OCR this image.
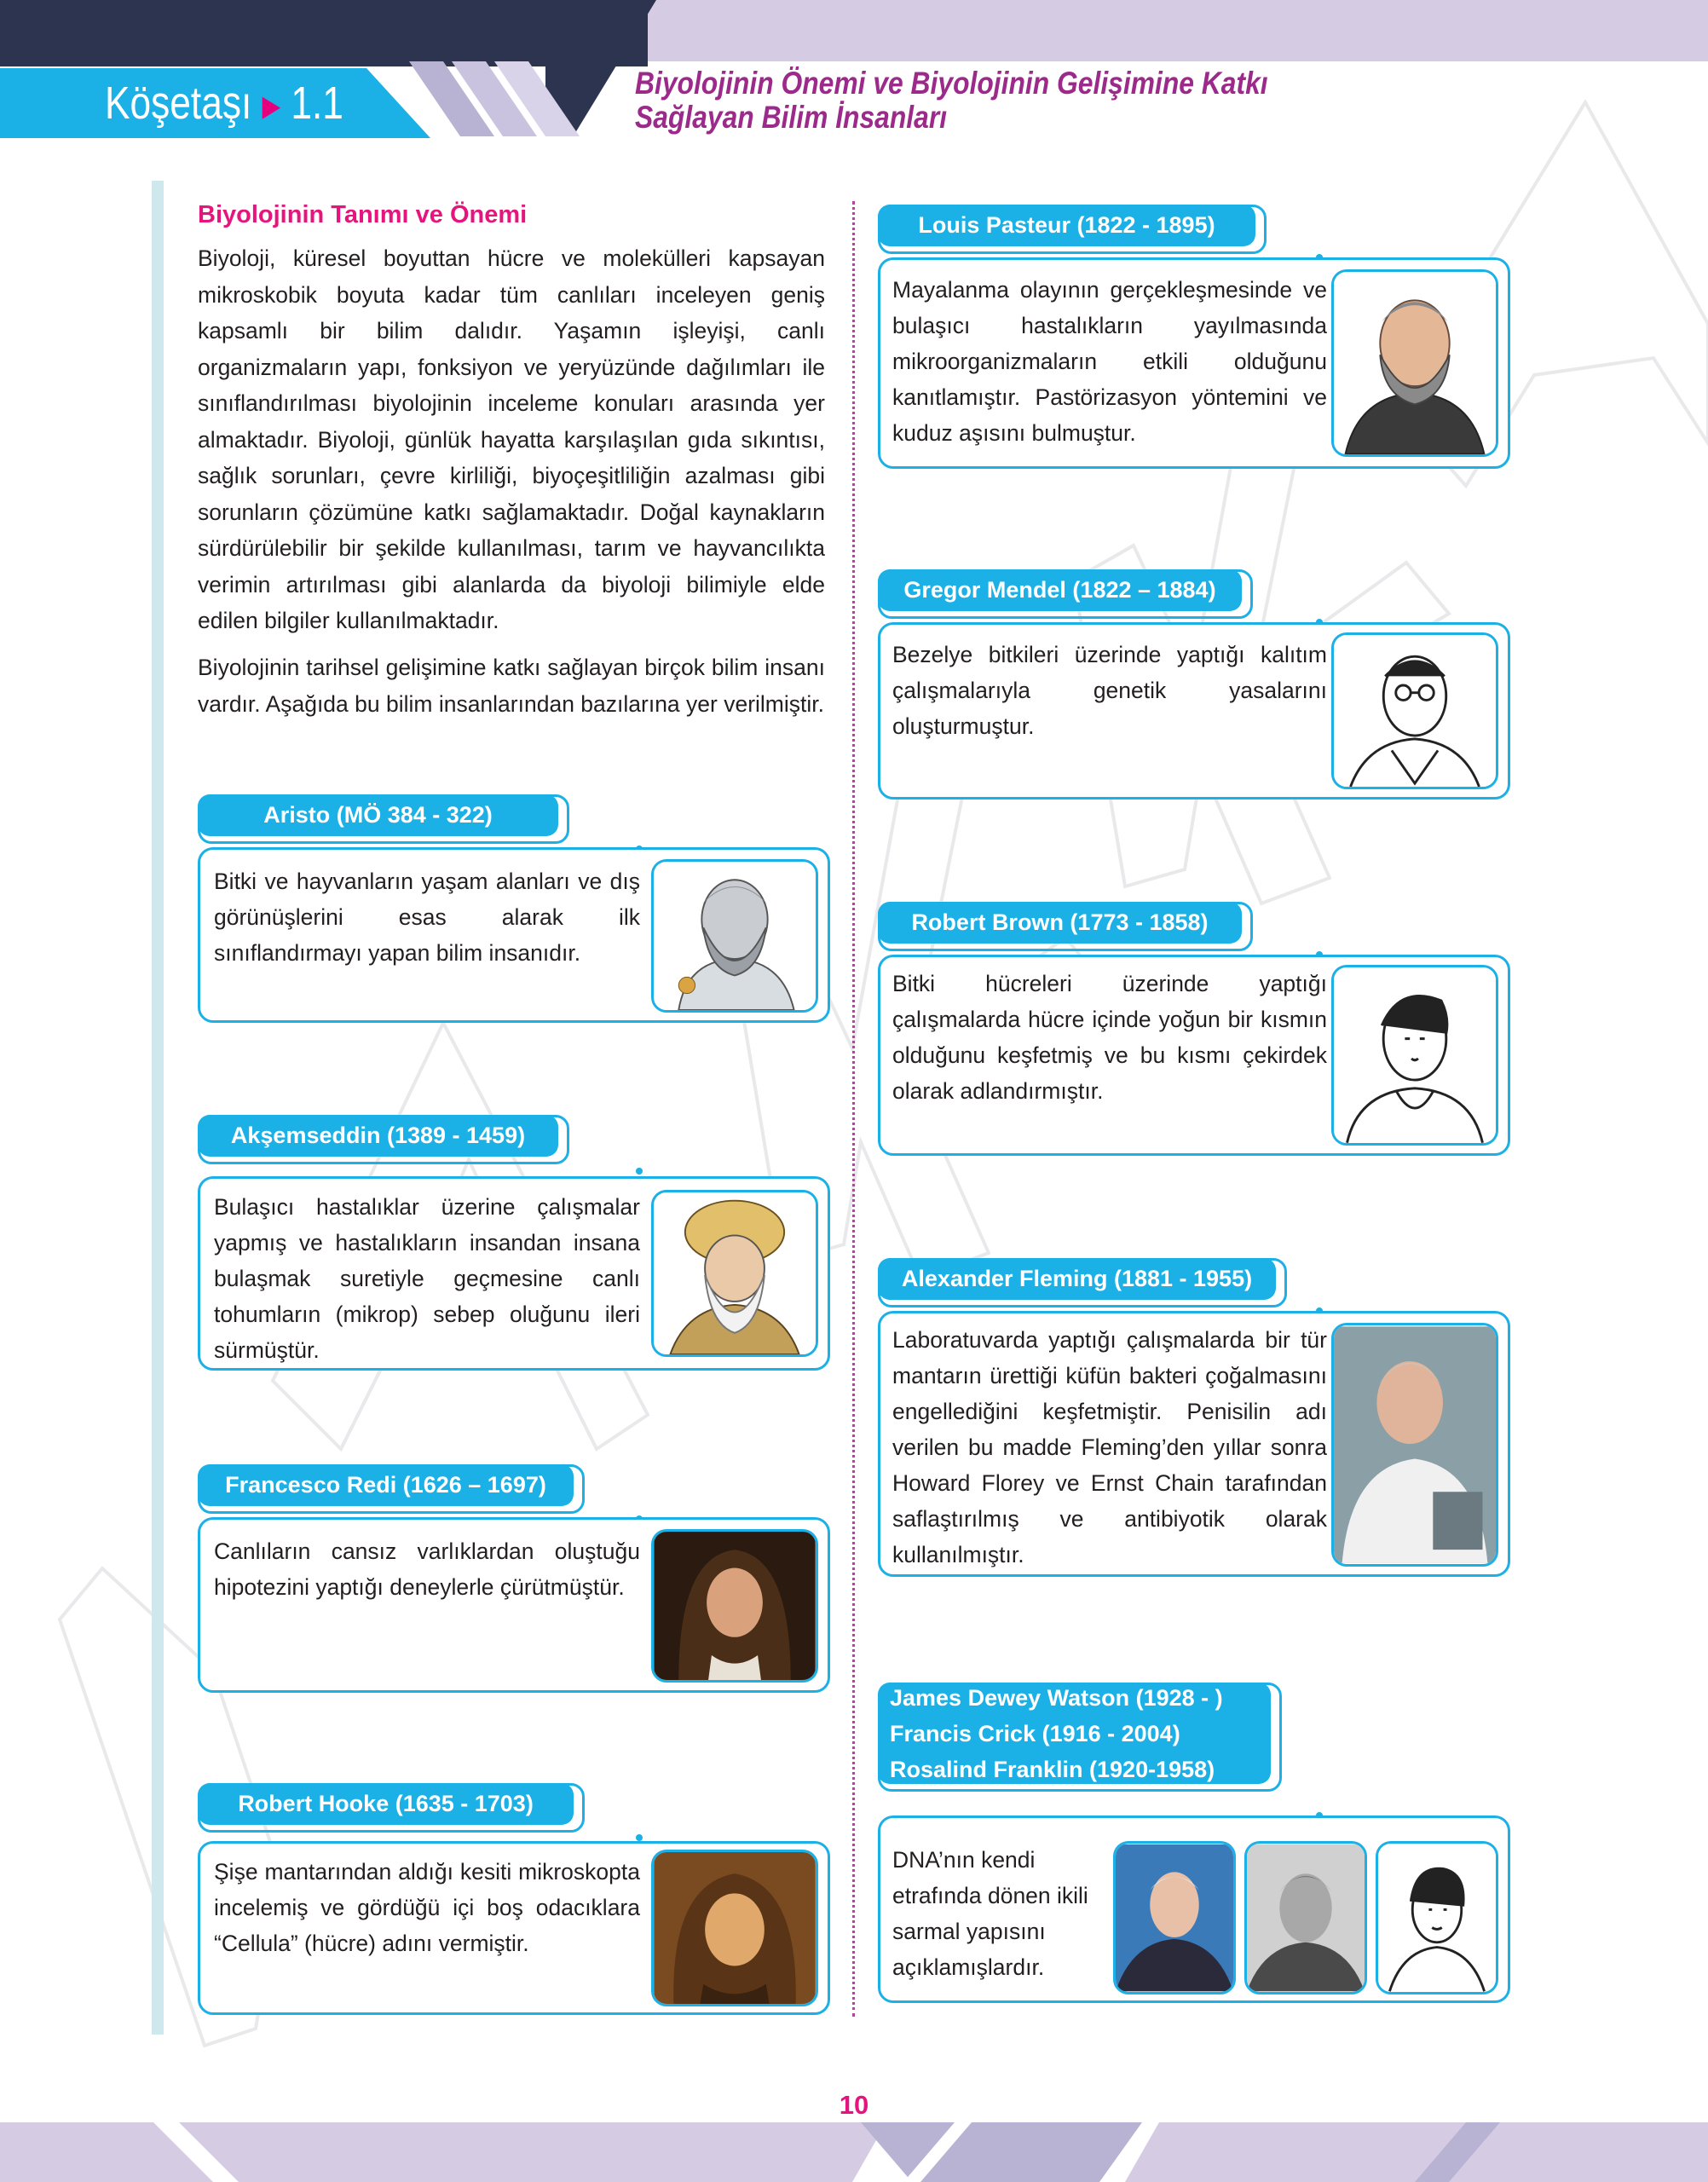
Köşetaşı ▶ 1.1	Biyolojinin Önemi ve Biyolojinin Gelişimine Katkı Sağlayan Bilim İnsanları
Biyolojinin Tanımı ve Önemi
Biyoloji, küresel boyuttan hücre ve molekülleri kapsayan mikroskobik boyuta kadar tüm canlıları inceleyen geniş kapsamlı bir bilim dalıdır. Yaşamın işleyişi, canlı organizmaların yapı, fonksiyon ve yeryüzünde dağılımları ile sınıflandırılması biyolojinin inceleme konuları arasında yer almaktadır. Biyoloji, günlük hayatta karşılaşılan gıda sıkıntısı, sağlık sorunları, çevre kirliliği, biyoçeşitliliğin azalması gibi sorunların çözümüne katkı sağlamaktadır. Doğal kaynakların sürdürülebilir bir şekilde kullanılması, tarım ve hayvancılıkta verimin artırılması gibi alanlarda da biyoloji bilimiyle elde edilen bilgiler kullanılmaktadır.
Biyolojinin tarihsel gelişimine katkı sağlayan birçok bilim insanı vardır. Aşağıda bu bilim insanlarından bazılarına yer verilmiştir.
Aristo (MÖ 384 - 322)
Bitki ve hayvanların yaşam alanları ve dış görünüşlerini esas alarak ilk sınıflandırmayı yapan bilim insanıdır.
Akşemseddin (1389 - 1459)
Bulaşıcı hastalıklar üzerine çalışmalar yapmış ve hastalıkların insandan insana bulaşmak suretiyle geçmesine canlı tohumların (mikrop) sebep oluğunu ileri sürmüştür.
Francesco Redi (1626 – 1697)
Canlıların cansız varlıklardan oluştuğu hipotezini yaptığı deneylerle çürütmüştür.
Robert Hooke (1635 - 1703)
Şişe mantarından aldığı kesiti mikroskopta incelemiş ve gördüğü içi boş odacıklara “Cellula” (hücre) adını vermiştir.
Louis Pasteur (1822 - 1895)
Mayalanma olayının gerçekleşmesinde ve bulaşıcı hastalıkların yayılmasında mikroorganizmaların etkili olduğunu kanıtlamıştır. Pastörizasyon yöntemini ve kuduz aşısını bulmuştur.
Gregor Mendel (1822 – 1884)
Bezelye bitkileri üzerinde yaptığı kalıtım çalışmalarıyla genetik yasalarını oluşturmuştur.
Robert Brown (1773 - 1858)
Bitki hücreleri üzerinde yaptığı çalışmalarda hücre içinde yoğun bir kısmın olduğunu keşfetmiş ve bu kısmı çekirdek olarak adlandırmıştır.
Alexander Fleming (1881 - 1955)
Laboratuvarda yaptığı çalışmalarda bir tür mantarın ürettiği küfün bakteri çoğalmasını engellediğini keşfetmiştir. Penisilin adı verilen bu madde Fleming’den yıllar sonra Howard Florey ve Ernst Chain tarafından saflaştırılmış ve antibiyotik olarak kullanılmıştır.
James Dewey Watson (1928 - )
Francis Crick (1916 - 2004)
Rosalind Franklin (1920-1958)
DNA’nın kendi etrafında dönen ikili sarmal yapısını açıklamışlardır.
10
